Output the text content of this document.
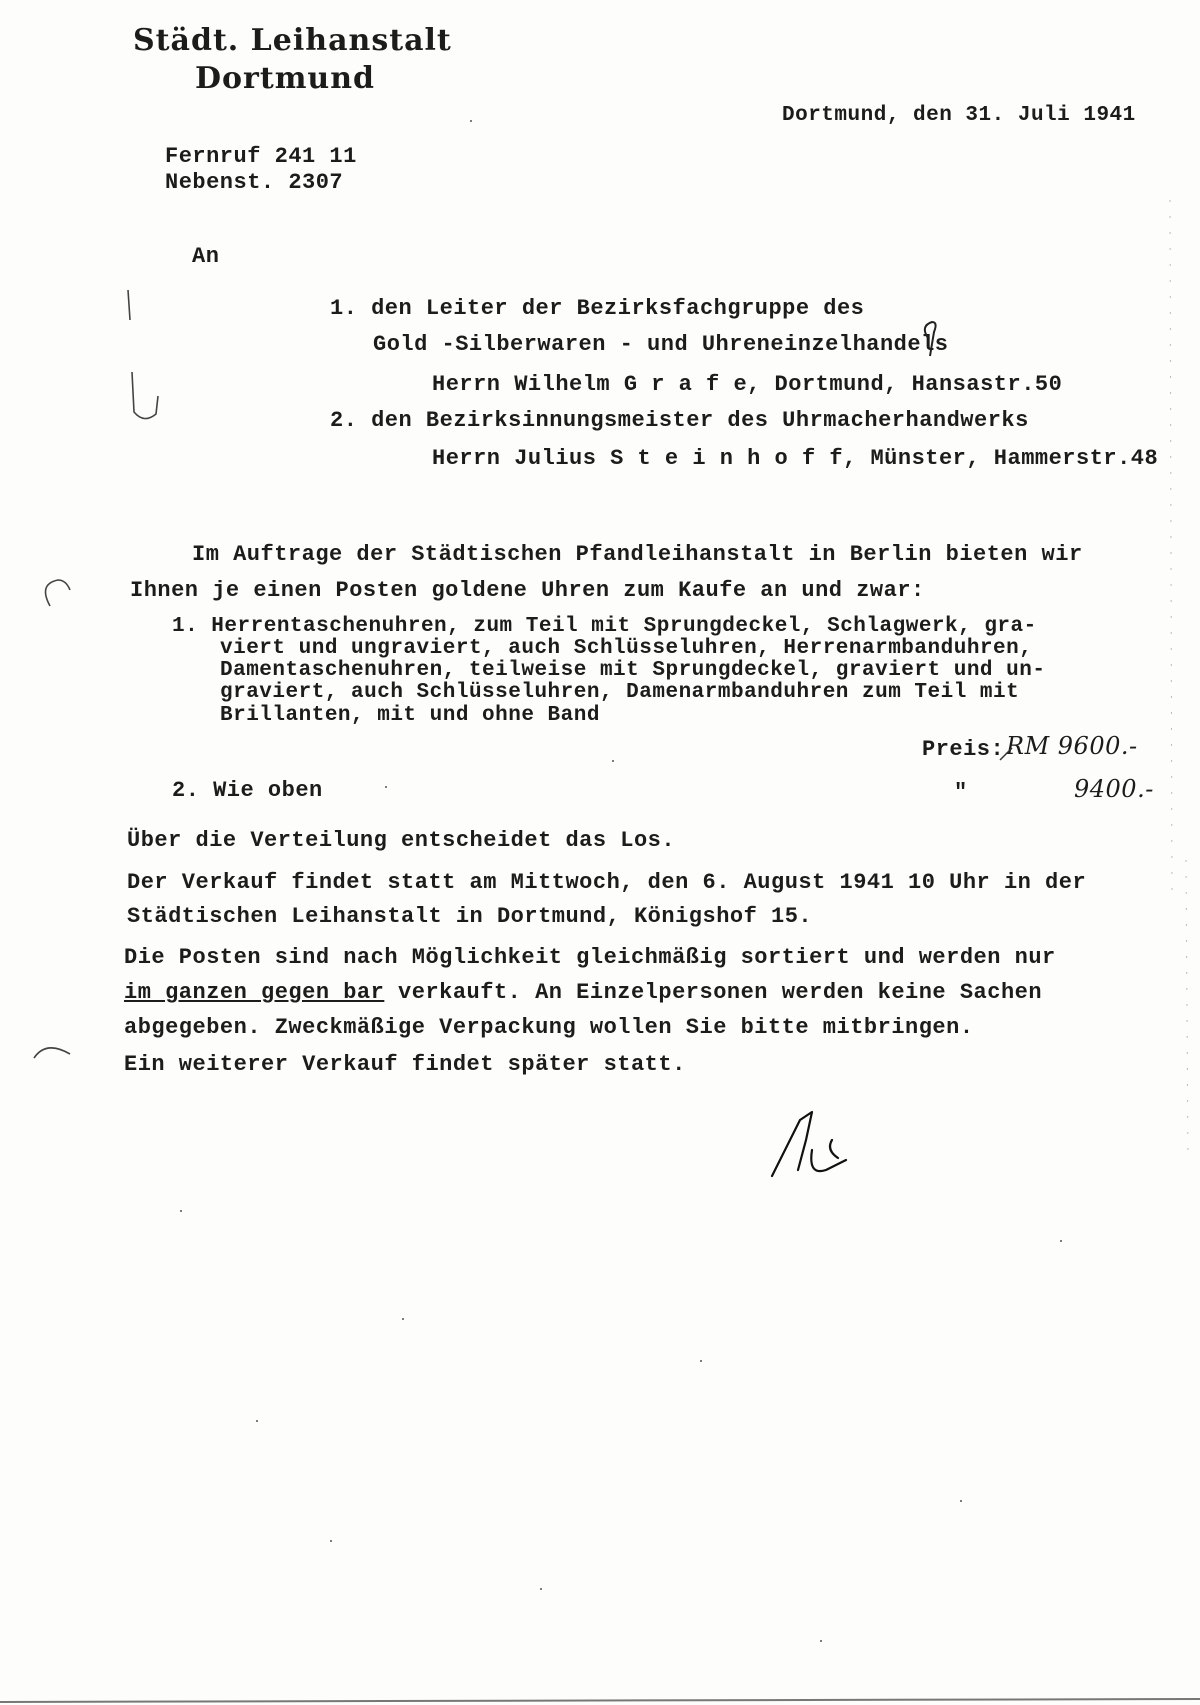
Städt. Leihanstalt
Dortmund
Dortmund, den 31. Juli 1941
Fernruf 241 11
Nebenst. 2307
An
1. den Leiter der Bezirksfachgruppe des
Gold -Silberwaren - und Uhreneinzelhandels
Herrn Wilhelm G r a f e, Dortmund, Hansastr.50
2. den Bezirksinnungsmeister des Uhrmacherhandwerks
Herrn Julius S t e i n h o f f, Münster, Hammerstr.48
Im Auftrage der Städtischen Pfandleihanstalt in Berlin bieten wir
Ihnen je einen Posten goldene Uhren zum Kaufe an und zwar:
1. Herrentaschenuhren, zum Teil mit Sprungdeckel, Schlagwerk, gra-
viert und ungraviert, auch Schlüsseluhren, Herrenarmbanduhren,
Damentaschenuhren, teilweise mit Sprungdeckel, graviert und un-
graviert, auch Schlüsseluhren, Damenarmbanduhren zum Teil mit
Brillanten, mit und ohne Band
Preis: RM 9600.-
2. Wie oben	"	9400.-
Über die Verteilung entscheidet das Los.
Der Verkauf findet statt am Mittwoch, den 6. August 1941 10 Uhr in der
Städtischen Leihanstalt in Dortmund, Königshof 15.
Die Posten sind nach Möglichkeit gleichmäßig sortiert und werden nur
im ganzen gegen bar verkauft. An Einzelpersonen werden keine Sachen
abgegeben. Zweckmäßige Verpackung wollen Sie bitte mitbringen.
Ein weiterer Verkauf findet später statt.
